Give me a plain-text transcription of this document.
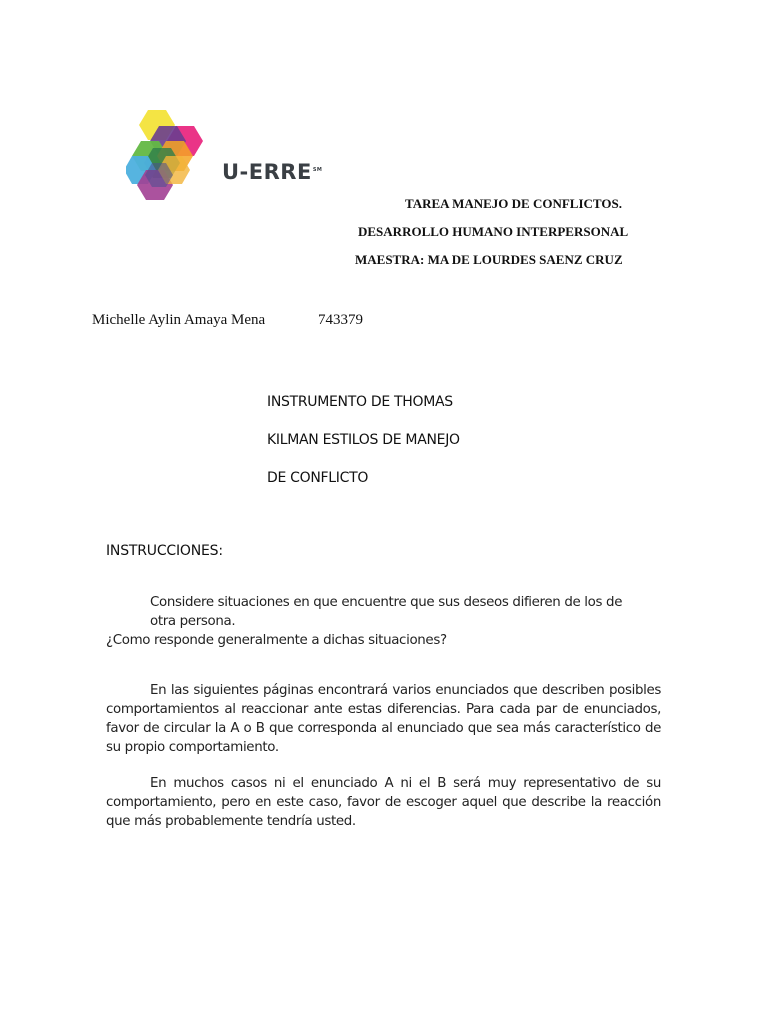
U-ERRE℠
TAREA MANEJO DE CONFLICTOS.
DESARROLLO HUMANO INTERPERSONAL
MAESTRA: MA DE LOURDES SAENZ CRUZ
Michelle Aylin Amaya Mena	743379
INSTRUMENTO DE THOMAS
KILMAN ESTILOS DE MANEJO
DE CONFLICTO
INSTRUCCIONES:
Considere situaciones en que encuentre que sus deseos difieren de los de
otra persona.
¿Como responde generalmente a dichas situaciones?
En las siguientes páginas encontrará varios enunciados que describen posibles comportamientos al reaccionar ante estas diferencias. Para cada par de enunciados, favor de circular la A o B que corresponda al enunciado que sea más característico de su propio comportamiento.
En muchos casos ni el enunciado A ni el B será muy representativo de su comportamiento, pero en este caso, favor de escoger aquel que describe la reacción que más probablemente tendría usted.
